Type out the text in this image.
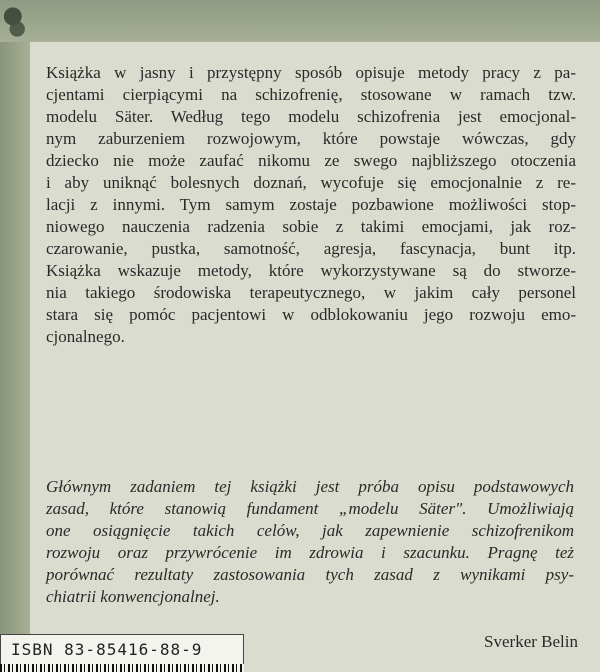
Książka w jasny i przystępny sposób opisuje metody pracy z pa-
cjentami cierpiącymi na schizofrenię, stosowane w ramach tzw.
modelu Säter. Według tego modelu schizofrenia jest emocjonal-
nym zaburzeniem rozwojowym, które powstaje wówczas, gdy
dziecko nie może zaufać nikomu ze swego najbliższego otoczenia
i aby uniknąć bolesnych doznań, wycofuje się emocjonalnie z re-
lacji z innymi. Tym samym zostaje pozbawione możliwości stop-
niowego nauczenia radzenia sobie z takimi emocjami, jak roz-
czarowanie, pustka, samotność, agresja, fascynacja, bunt itp.
Książka wskazuje metody, które wykorzystywane są do stworze-
nia takiego środowiska terapeutycznego, w jakim cały personel
stara się pomóc pacjentowi w odblokowaniu jego rozwoju emo-
cjonalnego.

Głównym zadaniem tej książki jest próba opisu podstawowych
zasad, które stanowią fundament „modelu Säter". Umożliwiają
one osiągnięcie takich celów, jak zapewnienie schizofrenikom
rozwoju oraz przywrócenie im zdrowia i szacunku. Pragnę też
porównać rezultaty zastosowania tych zasad z wynikami psy-
chiatrii konwencjonalnej.

Sverker Belin
ISBN 83-85416-88-9
